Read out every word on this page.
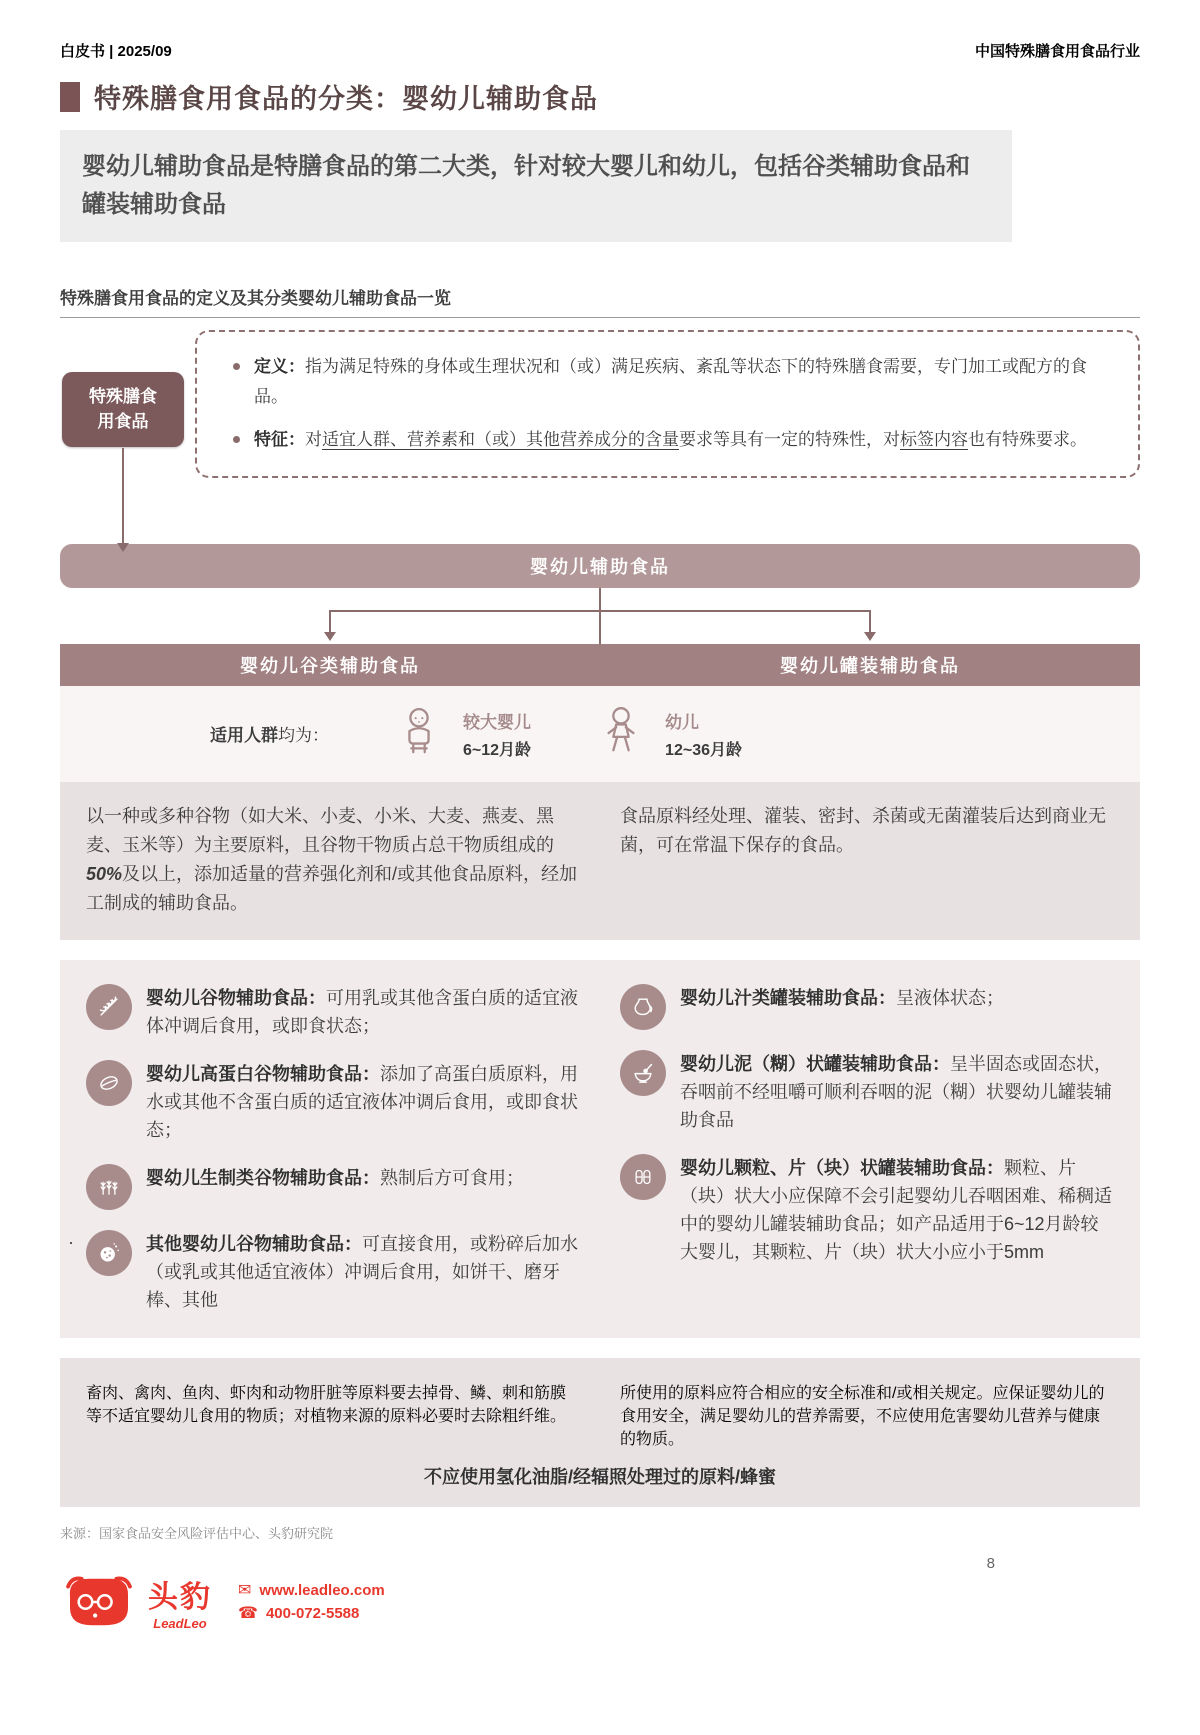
白皮书 | 2025/09	中国特殊膳食用食品行业
特殊膳食用食品的分类：婴幼儿辅助食品

婴幼儿辅助食品是特膳食品的第二大类，针对较大婴儿和幼儿，包括谷类辅助食品和罐装辅助食品

特殊膳食用食品的定义及其分类婴幼儿辅助食品一览

定义：指为满足特殊的身体或生理状况和（或）满足疾病、紊乱等状态下的特殊膳食需要，专门加工或配方的食品。

特征：对适宜人群、营养素和（或）其他营养成分的含量要求等具有一定的特殊性，对标签内容也有特殊要求。

特殊膳食
用食品
婴幼儿辅助食品
婴幼儿谷类辅助食品	婴幼儿罐装辅助食品
适用人群均为：
较大婴儿
6~12月龄
幼儿
12~36月龄

以一种或多种谷物（如大米、小麦、小米、大麦、燕麦、黑麦、玉米等）为主要原料，且谷物干物质占总干物质组成的50%及以上，添加适量的营养强化剂和/或其他食品原料，经加工制成的辅助食品。

食品原料经处理、灌装、密封、杀菌或无菌灌装后达到商业无菌，可在常温下保存的食品。

婴幼儿谷物辅助食品：可用乳或其他含蛋白质的适宜液体冲调后食用，或即食状态；

婴幼儿高蛋白谷物辅助食品：添加了高蛋白质原料，用水或其他不含蛋白质的适宜液体冲调后食用，或即食状态；

婴幼儿生制类谷物辅助食品：熟制后方可食用；

·	其他婴幼儿谷物辅助食品：可直接食用，或粉碎后加水（或乳或其他适宜液体）冲调后食用，如饼干、磨牙棒、其他

婴幼儿汁类罐装辅助食品：呈液体状态；

婴幼儿泥（糊）状罐装辅助食品：呈半固态或固态状，吞咽前不经咀嚼可顺利吞咽的泥（糊）状婴幼儿罐装辅助食品

婴幼儿颗粒、片（块）状罐装辅助食品：颗粒、片（块）状大小应保障不会引起婴幼儿吞咽困难、稀稠适中的婴幼儿罐装辅助食品；如产品适用于6~12月龄较大婴儿，其颗粒、片（块）状大小应小于5mm

畜肉、禽肉、鱼肉、虾肉和动物肝脏等原料要去掉骨、鳞、刺和筋膜等不适宜婴幼儿食用的物质；对植物来源的原料必要时去除粗纤维。

所使用的原料应符合相应的安全标准和/或相关规定。应保证婴幼儿的食用安全，满足婴幼儿的营养需要，不应使用危害婴幼儿营养与健康的物质。

不应使用氢化油脂/经辐照处理过的原料/蜂蜜

来源：国家食品安全风险评估中心、头豹研究院

头豹
LeadLeo
✉ www.leadleo.com
☎ 400-072-5588
8
